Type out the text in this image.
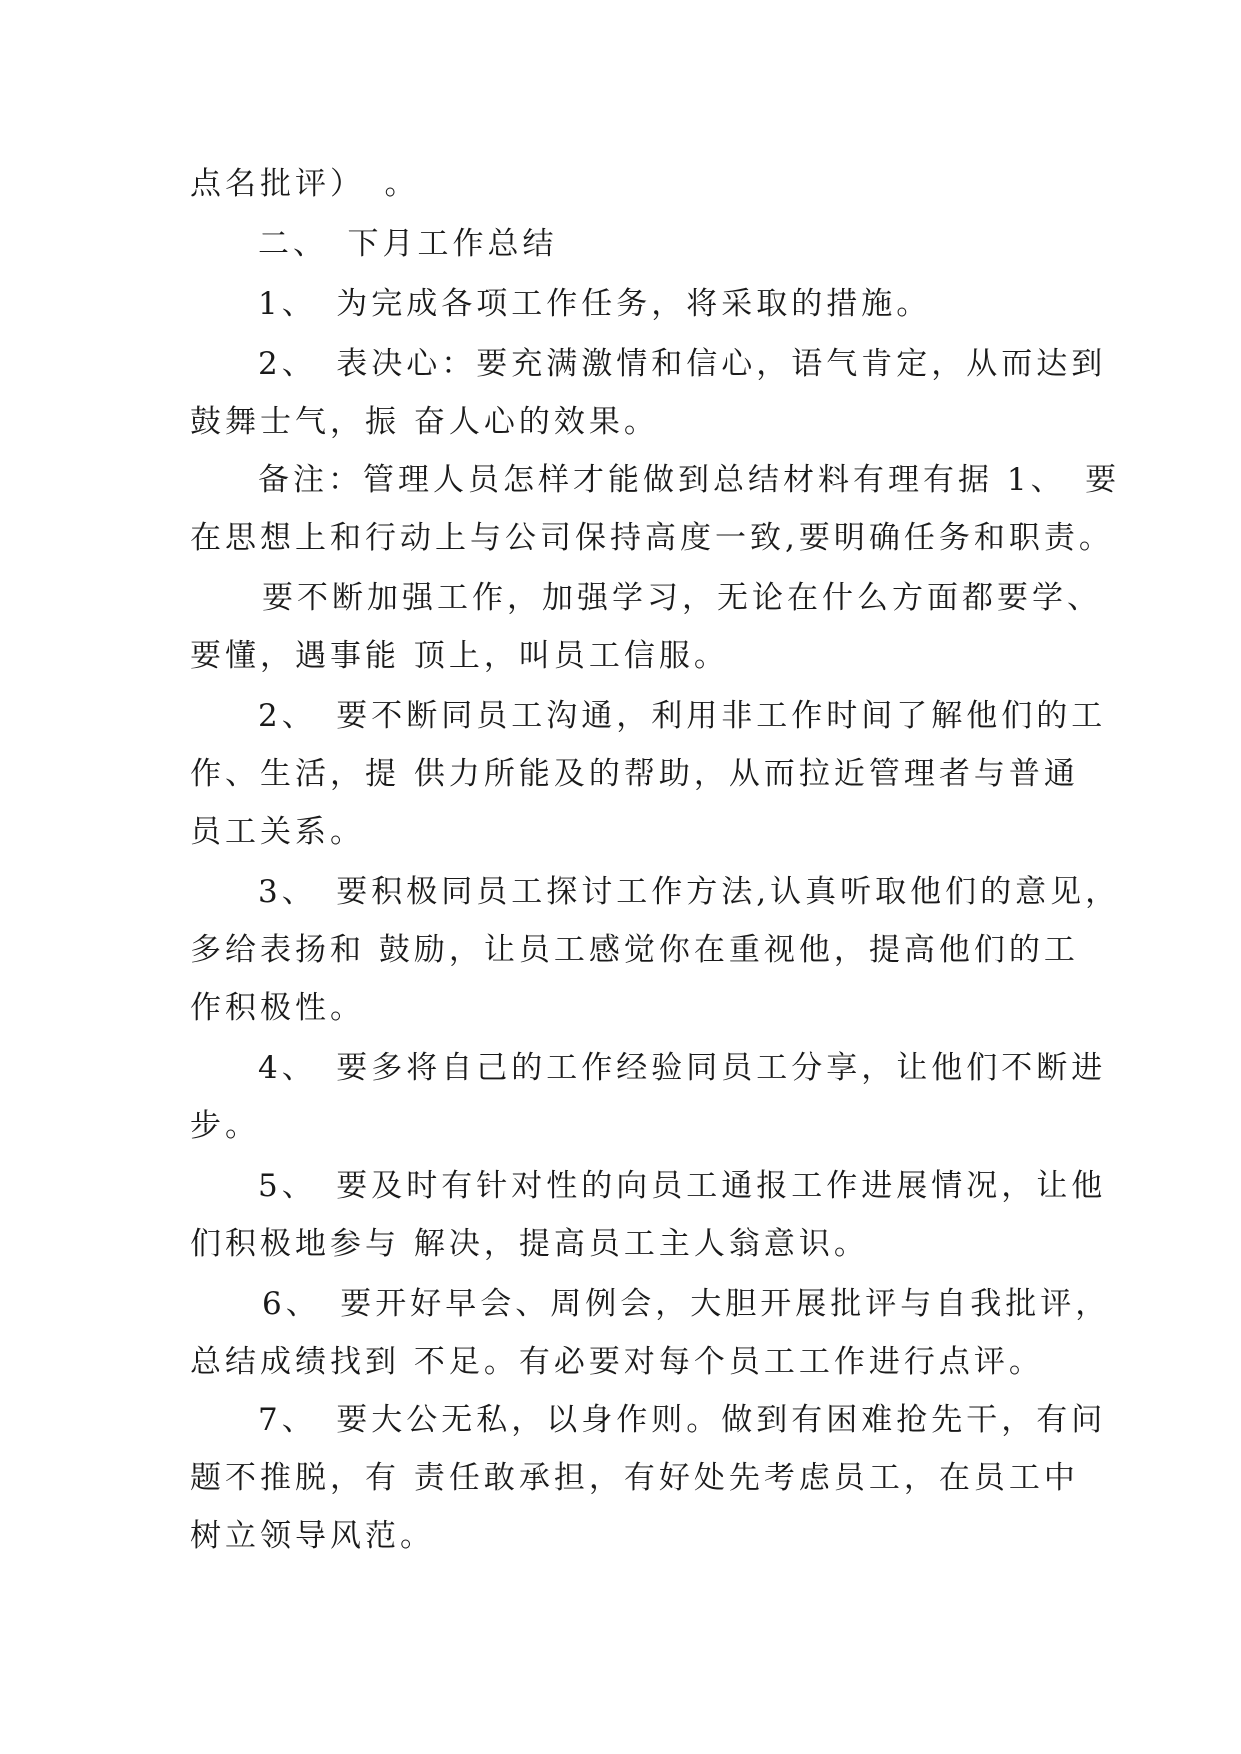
点名批评）　。
二、　下月工作总结
1、　为完成各项工作任务，将采取的措施。
2、　表决心：要充满激情和信心，语气肯定，从而达到
鼓舞士气，振 奋人心的效果。
备注：管理人员怎样才能做到总结材料有理有据 1、　要
在思想上和行动上与公司保持高度一致,要明确任务和职责。
要不断加强工作，加强学习，无论在什么方面都要学、
要懂，遇事能 顶上，叫员工信服。
2、　要不断同员工沟通，利用非工作时间了解他们的工
作、生活，提 供力所能及的帮助，从而拉近管理者与普通
员工关系。
3、　要积极同员工探讨工作方法,认真听取他们的意见，
多给表扬和 鼓励，让员工感觉你在重视他，提高他们的工
作积极性。
4、　要多将自己的工作经验同员工分享，让他们不断进
步。
5、　要及时有针对性的向员工通报工作进展情况，让他
们积极地参与 解决，提高员工主人翁意识。
6、　要开好早会、周例会，大胆开展批评与自我批评，
总结成绩找到 不足。有必要对每个员工工作进行点评。
7、　要大公无私，以身作则。做到有困难抢先干，有问
题不推脱，有 责任敢承担，有好处先考虑员工，在员工中
树立领导风范。
